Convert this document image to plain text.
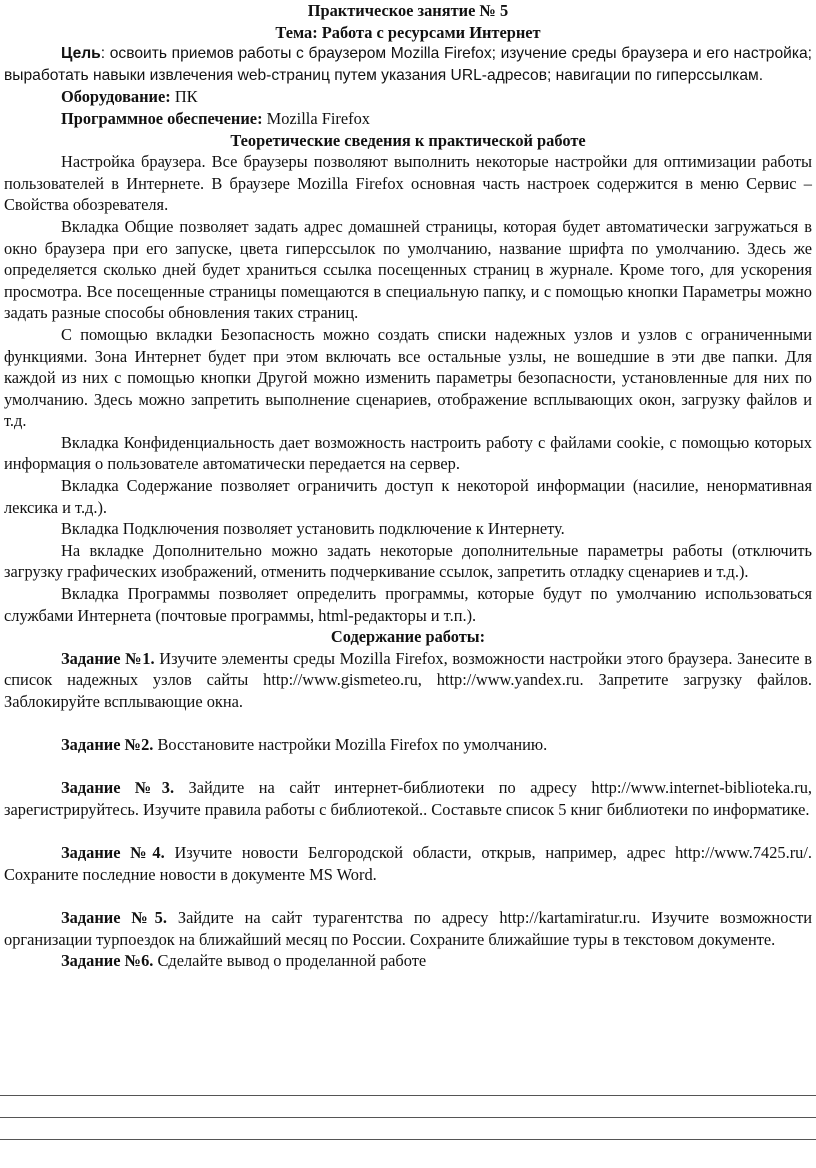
Практическое занятие № 5
Тема: Работа с ресурсами Интернет

Цель: освоить приемов работы с браузером Mozilla Firefox; изучение среды браузера и его настройка; выработать навыки извлечения web-страниц путем указания URL-адресов; навигации по гиперссылкам.

Оборудование: ПК

Программное обеспечение: Mozilla Firefox

Теоретические сведения к практической работе

Настройка браузера. Все браузеры позволяют выполнить некоторые настройки для оптимизации работы пользователей в Интернете. В браузере Mozilla Firefox основная часть настроек содержится в меню Сервис – Свойства обозревателя.

Вкладка Общие позволяет задать адрес домашней страницы, которая будет автоматически загружаться в окно браузера при его запуске, цвета гиперссылок по умолчанию, название шрифта по умолчанию. Здесь же определяется сколько дней будет храниться ссылка посещенных страниц в журнале. Кроме того, для ускорения просмотра. Все посещенные страницы помещаются в специальную папку, и с помощью кнопки Параметры можно задать разные способы обновления таких страниц.

С помощью вкладки Безопасность можно создать списки надежных узлов и узлов с ограниченными функциями. Зона Интернет будет при этом включать все остальные узлы, не вошедшие в эти две папки. Для каждой из них с помощью кнопки Другой можно изменить параметры безопасности, установленные для них по умолчанию. Здесь можно запретить выполнение сценариев, отображение всплывающих окон, загрузку файлов и т.д.

Вкладка Конфиденциальность дает возможность настроить работу с файлами cookie, с помощью которых информация о пользователе автоматически передается на сервер.

Вкладка Содержание позволяет ограничить доступ к некоторой информации (насилие, ненормативная лексика и т.д.).

Вкладка Подключения позволяет установить подключение к Интернету.

На вкладке Дополнительно можно задать некоторые дополнительные параметры работы (отключить загрузку графических изображений, отменить подчеркивание ссылок, запретить отладку сценариев и т.д.).

Вкладка Программы позволяет определить программы, которые будут по умолчанию использоваться службами Интернета (почтовые программы, html-редакторы и т.п.).

Содержание работы:

Задание №1. Изучите элементы среды Mozilla Firefox, возможности настройки этого браузера. Занесите в список надежных узлов сайты http://www.gismeteo.ru, http://www.yandex.ru. Запретите загрузку файлов. Заблокируйте всплывающие окна.

Задание №2. Восстановите настройки Mozilla Firefox по умолчанию.

Задание №3. Зайдите на сайт интернет-библиотеки по адресу http://www.internet-biblioteka.ru, зарегистрируйтесь. Изучите правила работы с библиотекой.. Составьте список 5 книг библиотеки по информатике.

Задание №4. Изучите новости Белгородской области, открыв, например, адрес http://www.7425.ru/. Сохраните последние новости в документе MS Word.

Задание №5. Зайдите на сайт турагентства по адресу http://kartamiratur.ru. Изучите возможности организации турпоездок на ближайший месяц по России. Сохраните ближайшие туры в текстовом документе.

Задание №6. Сделайте вывод о проделанной работе
